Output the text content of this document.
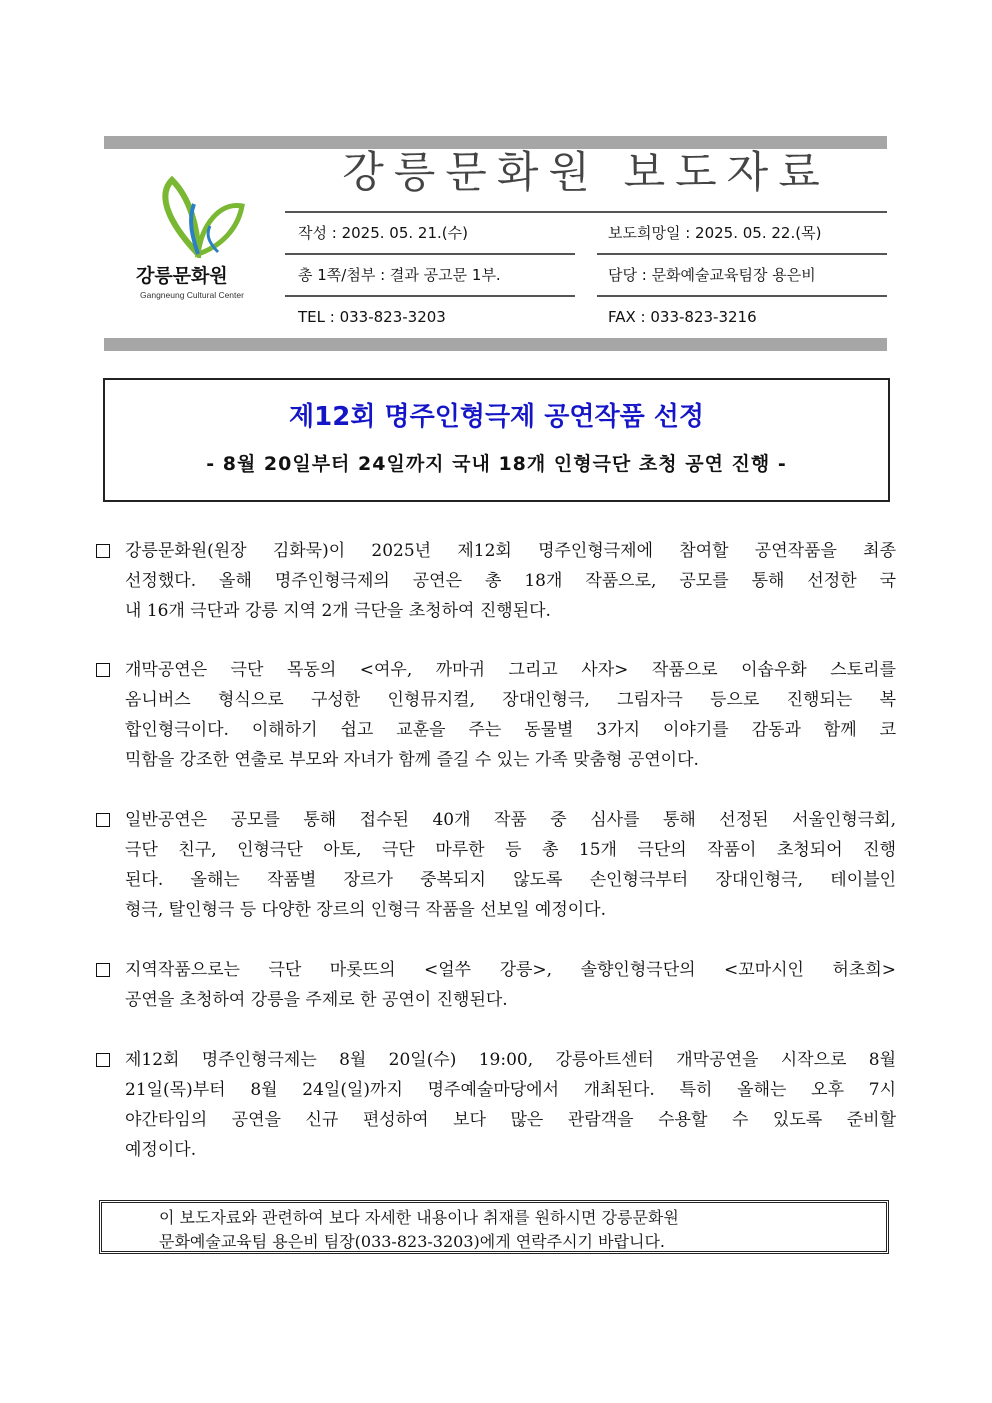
강릉문화원
Gangneung Cultural Center
강릉문화원 보도자료
작성 : 2025. 05. 21.(수)	보도희망일 : 2025. 05. 22.(목)
총 1쪽/첨부 : 결과 공고문 1부.	담당 : 문화예술교육팀장 용은비
TEL : 033-823-3203	FAX : 033-823-3216
제12회 명주인형극제 공연작품 선정
- 8월 20일부터 24일까지 국내 18개 인형극단 초청 공연 진행 -
강릉문화원(원장 김화묵)이 2025년 제12회 명주인형극제에 참여할 공연작품을 최종
선정했다. 올해 명주인형극제의 공연은 총 18개 작품으로, 공모를 통해 선정한 국
내 16개 극단과 강릉 지역 2개 극단을 초청하여 진행된다.
개막공연은 극단 목동의 <여우, 까마귀 그리고 사자> 작품으로 이솝우화 스토리를
옴니버스 형식으로 구성한 인형뮤지컬, 장대인형극, 그림자극 등으로 진행되는 복
합인형극이다. 이해하기 쉽고 교훈을 주는 동물별 3가지 이야기를 감동과 함께 코
믹함을 강조한 연출로 부모와 자녀가 함께 즐길 수 있는 가족 맞춤형 공연이다.
일반공연은 공모를 통해 접수된 40개 작품 중 심사를 통해 선정된 서울인형극회,
극단 친구, 인형극단 아토, 극단 마루한 등 총 15개 극단의 작품이 초청되어 진행
된다. 올해는 작품별 장르가 중복되지 않도록 손인형극부터 장대인형극, 테이블인
형극, 탈인형극 등 다양한 장르의 인형극 작품을 선보일 예정이다.
지역작품으로는 극단 마롯뜨의 <얼쑤 강릉>, 솔향인형극단의 <꼬마시인 허초희>
공연을 초청하여 강릉을 주제로 한 공연이 진행된다.
제12회 명주인형극제는 8월 20일(수) 19:00, 강릉아트센터 개막공연을 시작으로 8월
21일(목)부터 8월 24일(일)까지 명주예술마당에서 개최된다. 특히 올해는 오후 7시
야간타임의 공연을 신규 편성하여 보다 많은 관람객을 수용할 수 있도록 준비할
예정이다.
이 보도자료와 관련하여 보다 자세한 내용이나 취재를 원하시면 강릉문화원
문화예술교육팀 용은비 팀장(033-823-3203)에게 연락주시기 바랍니다.
